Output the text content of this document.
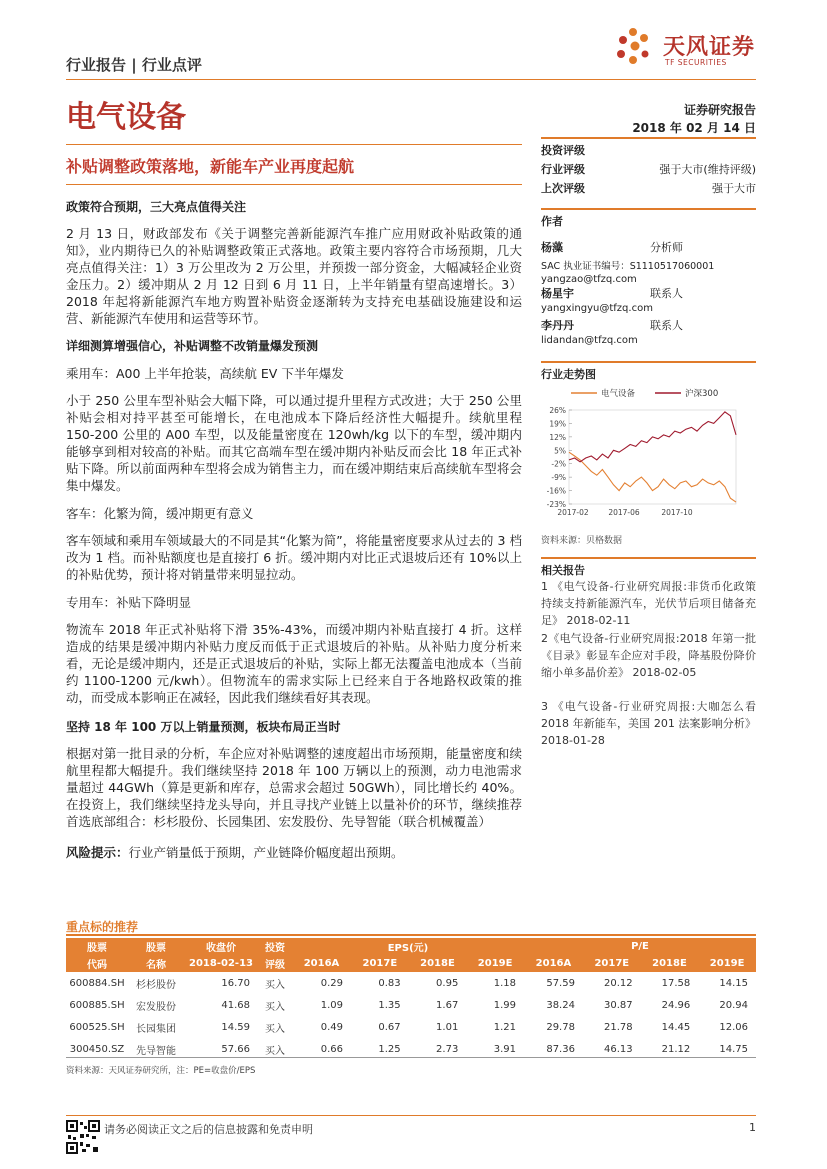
行业报告 | 行业点评
天风证券
TF SECURITIES
电气设备	证券研究报告
2018 年 02 月 14 日
补贴调整政策落地，新能车产业再度起航
投资评级
行业评级	强于大市(维持评级)
上次评级	强于大市
作者
杨藻	分析师
SAC 执业证书编号：S1110517060001
yangzao@tfzq.com
杨星宇	联系人
yangxingyu@tfzq.com
李丹丹	联系人
lidandan@tfzq.com
行业走势图
26%
19%
12%
5%
-2%
-9%
-16%
-23%
2017-02	2017-06	2017-10
电气设备	沪深300
资料来源：贝格数据
相关报告
1 《电气设备-行业研究周报:非货币化政策持续支持新能源汽车，光伏节后项目储备充足》 2018-02-11
2《电气设备-行业研究周报:2018 年第一批《目录》彰显车企应对手段，降基股份降价缩小单多晶价差》 2018-02-05
3 《电气设备-行业研究周报:大咖怎么看 2018 年新能车，美国 201 法案影响分析》 2018-01-28
政策符合预期，三大亮点值得关注
2 月 13 日，财政部发布《关于调整完善新能源汽车推广应用财政补贴政策的通知》，业内期待已久的补贴调整政策正式落地。政策主要内容符合市场预期，几大亮点值得关注：1）3 万公里改为 2 万公里，并预拨一部分资金，大幅减轻企业资金压力。2）缓冲期从 2 月 12 日到 6 月 11 日，上半年销量有望高速增长。3）2018 年起将新能源汽车地方购置补贴资金逐渐转为支持充电基础设施建设和运营、新能源汽车使用和运营等环节。
详细测算增强信心，补贴调整不改销量爆发预测
乘用车：A00 上半年抢装，高续航 EV 下半年爆发
小于 250 公里车型补贴会大幅下降，可以通过提升里程方式改进；大于 250 公里补贴会相对持平甚至可能增长，在电池成本下降后经济性大幅提升。续航里程 150-200 公里的 A00 车型，以及能量密度在 120wh/kg 以下的车型，缓冲期内能够享到相对较高的补贴。而其它高端车型在缓冲期内补贴反而会比 18 年正式补贴下降。所以前面两种车型将会成为销售主力，而在缓冲期结束后高续航车型将会集中爆发。
客车：化繁为简，缓冲期更有意义
客车领域和乘用车领域最大的不同是其“化繁为简”，将能量密度要求从过去的 3 档改为 1 档。而补贴额度也是直接打 6 折。缓冲期内对比正式退坡后还有 10%以上的补贴优势，预计将对销量带来明显拉动。
专用车：补贴下降明显
物流车 2018 年正式补贴将下滑 35%-43%，而缓冲期内补贴直接打 4 折。这样造成的结果是缓冲期内补贴力度反而低于正式退坡后的补贴。从补贴力度分析来看，无论是缓冲期内，还是正式退坡后的补贴，实际上都无法覆盖电池成本（当前约 1100-1200 元/kwh）。但物流车的需求实际上已经来自于各地路权政策的推动，而受成本影响正在减轻，因此我们继续看好其表现。
坚持 18 年 100 万以上销量预测，板块布局正当时
根据对第一批目录的分析，车企应对补贴调整的速度超出市场预期，能量密度和续航里程都大幅提升。我们继续坚持 2018 年 100 万辆以上的预测，动力电池需求量超过 44GWh（算是更新和库存，总需求会超过 50GWh），同比增长约 40%。在投资上，我们继续坚持龙头导向，并且寻找产业链上以量补价的环节，继续推荐首选底部组合：杉杉股份、长园集团、宏发股份、先导智能（联合机械覆盖）
风险提示：行业产销量低于预期，产业链降价幅度超出预期。
重点标的推荐
股票	股票	收盘价	投资	EPS(元)				P/E			
代码	名称	2018-02-13	评级	2016A	2017E	2018E	2019E	2016A	2017E	2018E	2019E
600884.SH	杉杉股份	16.70	买入	0.29	0.83	0.95	1.18	57.59	20.12	17.58	14.15
600885.SH	宏发股份	41.68	买入	1.09	1.35	1.67	1.99	38.24	30.87	24.96	20.94
600525.SH	长园集团	14.59	买入	0.49	0.67	1.01	1.21	29.78	21.78	14.45	12.06
300450.SZ	先导智能	57.66	买入	0.66	1.25	2.73	3.91	87.36	46.13	21.12	14.75
资料来源：天风证券研究所，注：PE=收盘价/EPS
请务必阅读正文之后的信息披露和免责申明	1
